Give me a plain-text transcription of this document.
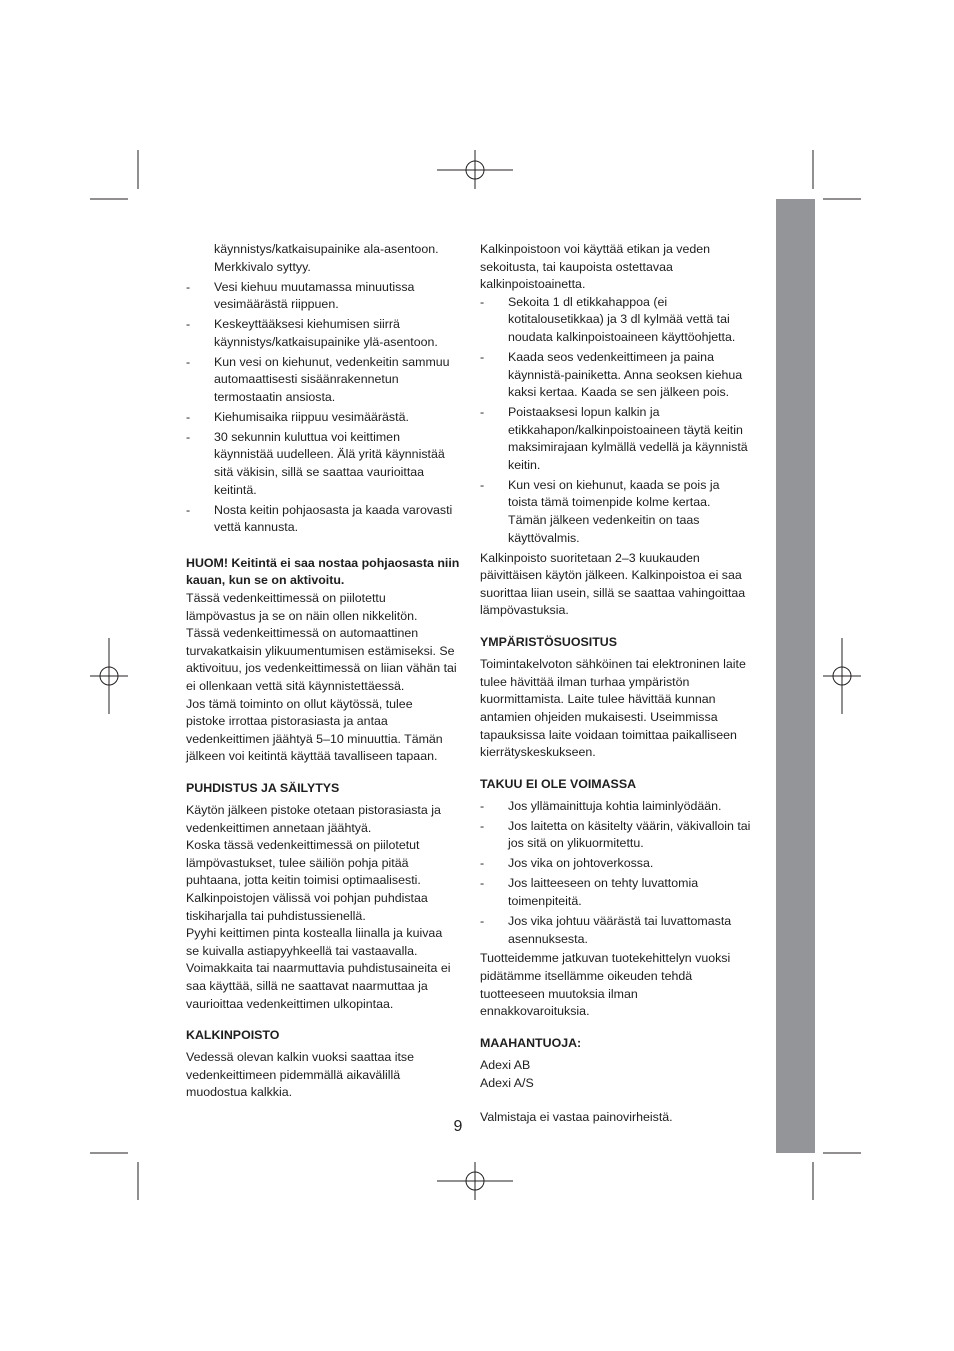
käynnistys/katkaisupainike ala-asentoon.
Merkkivalo syttyy.
- Vesi kiehuu muutamassa minuutissa
vesimäärästä riippuen.
- Keskeyttääksesi kiehumisen siirrä
käynnistys/katkaisupainike ylä-asentoon.
- Kun vesi on kiehunut, vedenkeitin sammuu
automaattisesti sisäänrakennetun
termostaatin ansiosta.
- Kiehumisaika riippuu vesimäärästä.
- 30 sekunnin kuluttua voi keittimen
käynnistää uudelleen. Älä yritä käynnistää
sitä väkisin, sillä se saattaa vaurioittaa
keitintä.
- Nosta keitin pohjaosasta ja kaada varovasti
vettä kannusta.
HUOM! Keitintä ei saa nostaa pohjaosasta niin
kauan, kun se on aktivoitu.
Tässä vedenkeittimessä on piilotettu
lämpövastus ja se on näin ollen nikkelitön.
Tässä vedenkeittimessä on automaattinen
turvakatkaisin ylikuumentumisen estämiseksi. Se
aktivoituu, jos vedenkeittimessä on liian vähän tai
ei ollenkaan vettä sitä käynnistettäessä.
Jos tämä toiminto on ollut käytössä, tulee
pistoke irrottaa pistorasiasta ja antaa
vedenkeittimen jäähtyä 5–10 minuuttia. Tämän
jälkeen voi keitintä käyttää tavalliseen tapaan.
PUHDISTUS JA SÄILYTYS
Käytön jälkeen pistoke otetaan pistorasiasta ja
vedenkeittimen annetaan jäähtyä.
Koska tässä vedenkeittimessä on piilotetut
lämpövastukset, tulee säiliön pohja pitää
puhtaana, jotta keitin toimisi optimaalisesti.
Kalkinpoistojen välissä voi pohjan puhdistaa
tiskiharjalla tai puhdistussienellä.
Pyyhi keittimen pinta kostealla liinalla ja kuivaa
se kuivalla astiapyyhkeellä tai vastaavalla.
Voimakkaita tai naarmuttavia puhdistusaineita ei
saa käyttää, sillä ne saattavat naarmuttaa ja
vaurioittaa vedenkeittimen ulkopintaa.
KALKINPOISTO
Vedessä olevan kalkin vuoksi saattaa itse
vedenkeittimeen pidemmällä aikavälillä
muodostua kalkkia.
Kalkinpoistoon voi käyttää etikan ja veden
sekoitusta, tai kaupoista ostettavaa
kalkinpoistoainetta.
- Sekoita 1 dl etikkahappoa (ei
kotitalousetikkaa) ja 3 dl kylmää vettä tai
noudata kalkinpoistoaineen käyttöohjetta.
- Kaada seos vedenkeittimeen ja paina
käynnistä-painiketta. Anna seoksen kiehua
kaksi kertaa. Kaada se sen jälkeen pois.
- Poistaaksesi lopun kalkin ja
etikkahapon/kalkinpoistoaineen täytä keitin
maksimirajaan kylmällä vedellä ja käynnistä
keitin.
- Kun vesi on kiehunut, kaada se pois ja
toista tämä toimenpide kolme kertaa.
Tämän jälkeen vedenkeitin on taas
käyttövalmis.
Kalkinpoisto suoritetaan 2–3 kuukauden
päivittäisen käytön jälkeen. Kalkinpoistoa ei saa
suorittaa liian usein, sillä se saattaa vahingoittaa
lämpövastuksia.
YMPÄRISTÖSUOSITUS
Toimintakelvoton sähköinen tai elektroninen laite
tulee hävittää ilman turhaa ympäristön
kuormittamista. Laite tulee hävittää kunnan
antamien ohjeiden mukaisesti. Useimmissa
tapauksissa laite voidaan toimittaa paikalliseen
kierrätyskeskukseen.
TAKUU EI OLE VOIMASSA
- Jos yllämainittuja kohtia laiminlyödään.
- Jos laitetta on käsitelty väärin, väkivalloin tai
jos sitä on ylikuormitettu.
- Jos vika on johtoverkossa.
- Jos laitteeseen on tehty luvattomia
toimenpiteitä.
- Jos vika johtuu väärästä tai luvattomasta
asennuksesta.
Tuotteidemme jatkuvan tuotekehittelyn vuoksi
pidätämme itsellämme oikeuden tehdä
tuotteeseen muutoksia ilman
ennakkovaroituksia.
MAAHANTUOJA:
Adexi AB
Adexi A/S
Valmistaja ei vastaa painovirheistä.
9
